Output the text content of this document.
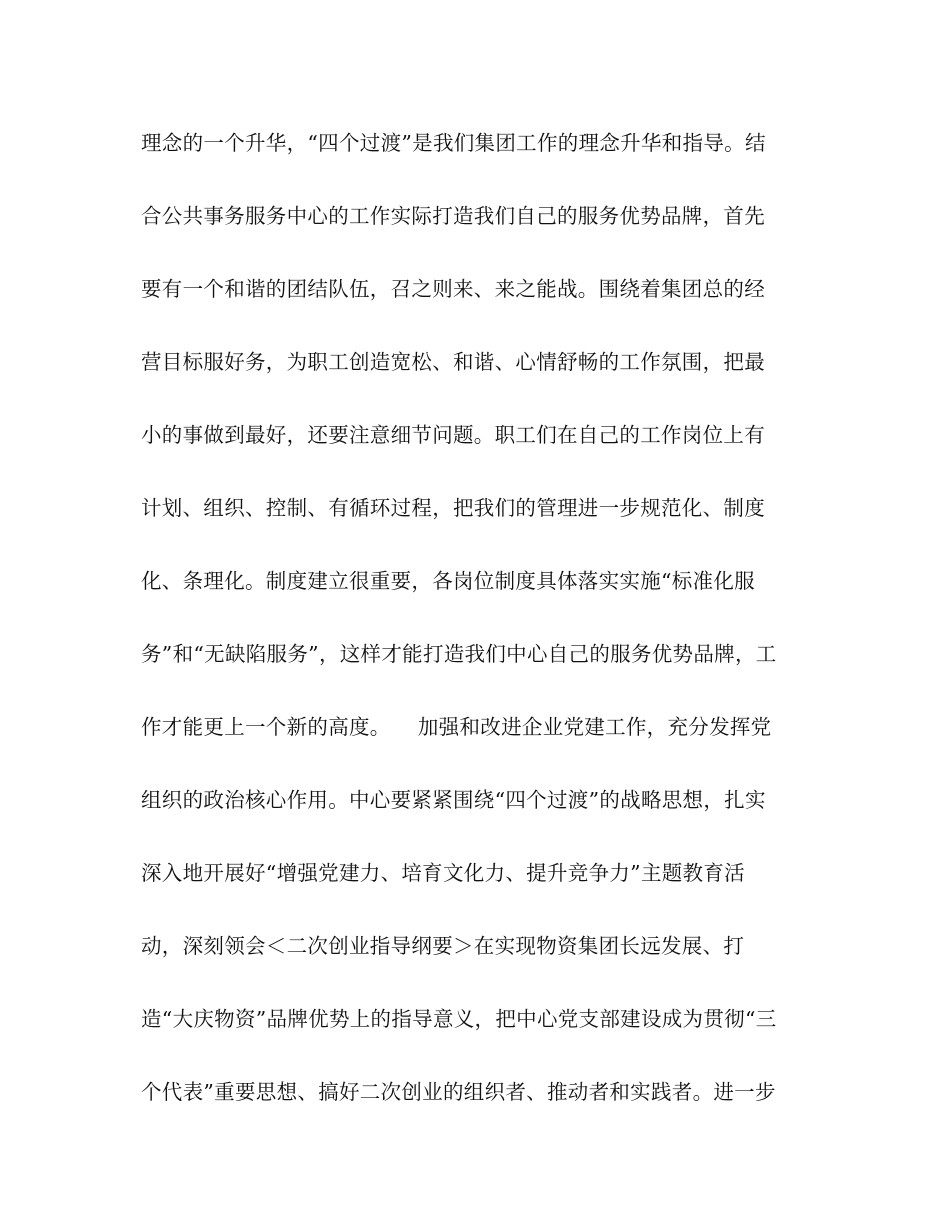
理念的一个升华，“四个过渡”是我们集团工作的理念升华和指导。结
合公共事务服务中心的工作实际打造我们自己的服务优势品牌，首先
要有一个和谐的团结队伍，召之则来、来之能战。围绕着集团总的经
营目标服好务，为职工创造宽松、和谐、心情舒畅的工作氛围，把最
小的事做到最好，还要注意细节问题。职工们在自己的工作岗位上有
计划、组织、控制、有循环过程，把我们的管理进一步规范化、制度
化、条理化。制度建立很重要，各岗位制度具体落实实施“标准化服
务”和“无缺陷服务”，这样才能打造我们中心自己的服务优势品牌，工
作才能更上一个新的高度。    加强和改进企业党建工作，充分发挥党
组织的政治核心作用。中心要紧紧围绕“四个过渡”的战略思想，扎实
深入地开展好“增强党建力、培育文化力、提升竞争力”主题教育活
动，深刻领会＜二次创业指导纲要＞在实现物资集团长远发展、打
造“大庆物资”品牌优势上的指导意义，把中心党支部建设成为贯彻“三
个代表”重要思想、搞好二次创业的组织者、推动者和实践者。进一步
